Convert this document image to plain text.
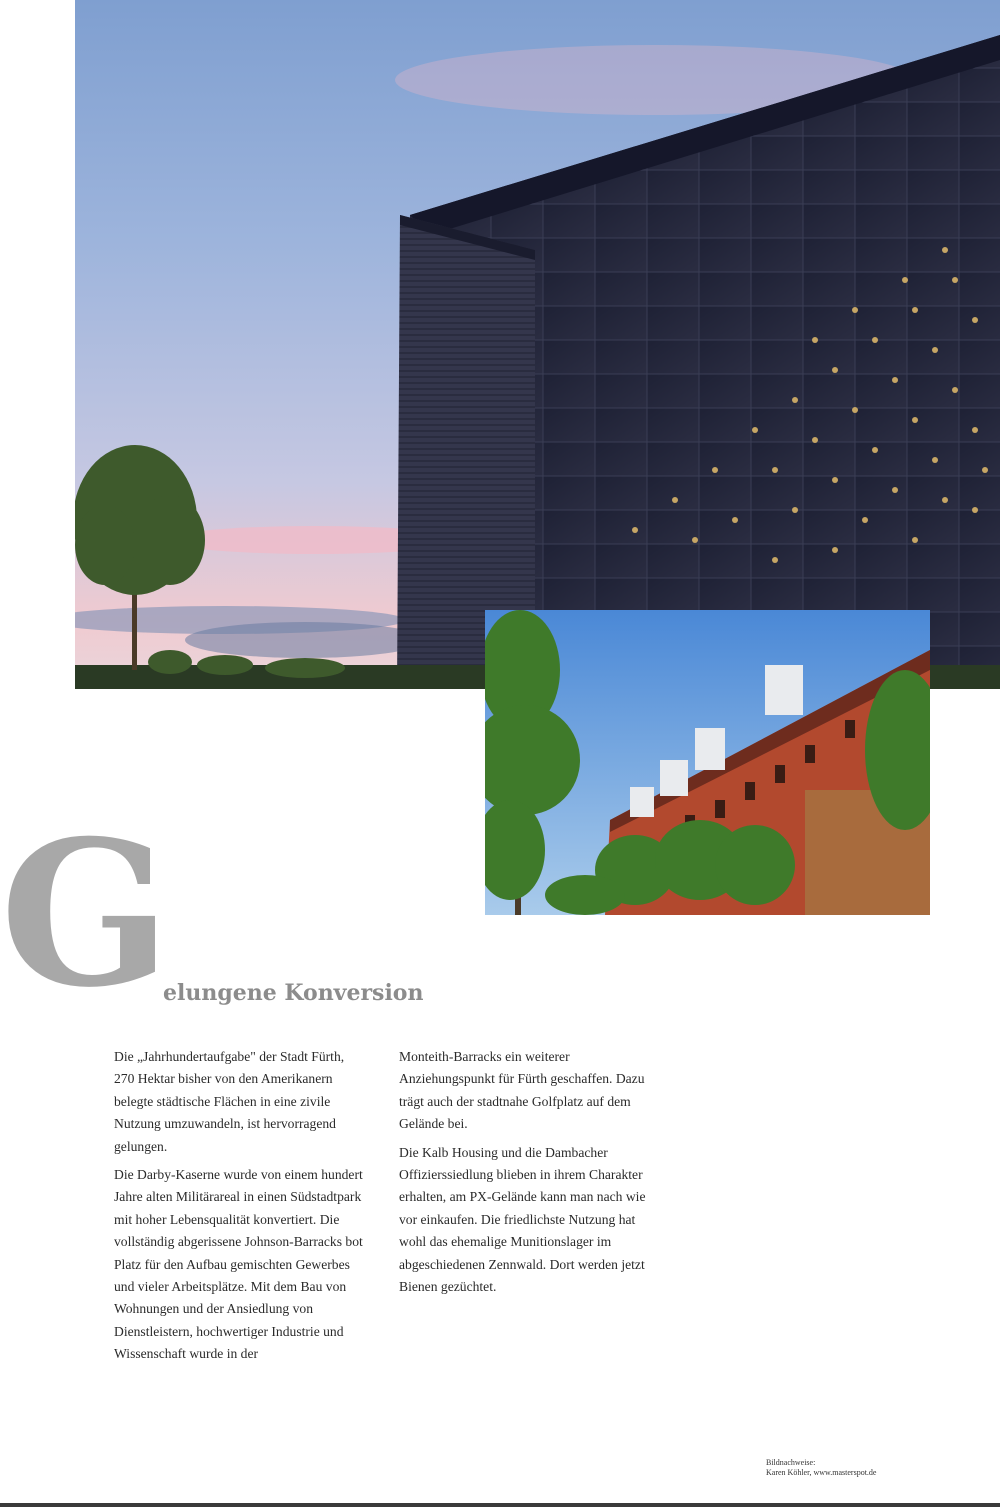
G
elungene Konversion

Die „Jahrhundertaufgabe" der Stadt Fürth, 270 Hektar bisher von den Amerikanern belegte städtische Flächen in eine zivile Nutzung umzuwandeln, ist hervorragend gelungen.

Die Darby-Kaserne wurde von einem hundert Jahre alten Militärareal in einen Südstadtpark mit hoher Lebensqualität konvertiert. Die vollständig abgerissene Johnson-Barracks bot Platz für den Aufbau gemischten Gewerbes und vieler Arbeitsplätze. Mit dem Bau von Wohnungen und der Ansiedlung von Dienstleistern, hochwertiger Industrie und Wissenschaft wurde in der

Monteith-Barracks ein weiterer Anziehungspunkt für Fürth geschaffen. Dazu trägt auch der stadtnahe Golfplatz auf dem Gelände bei.

Die Kalb Housing und die Dambacher Offizierssiedlung blieben in ihrem Charakter erhalten, am PX-Gelände kann man nach wie vor einkaufen. Die friedlichste Nutzung hat wohl das ehemalige Munitionslager im abgeschiedenen Zennwald. Dort werden jetzt Bienen gezüchtet.

Bildnachweise:
Karen Köhler, www.masterspot.de
